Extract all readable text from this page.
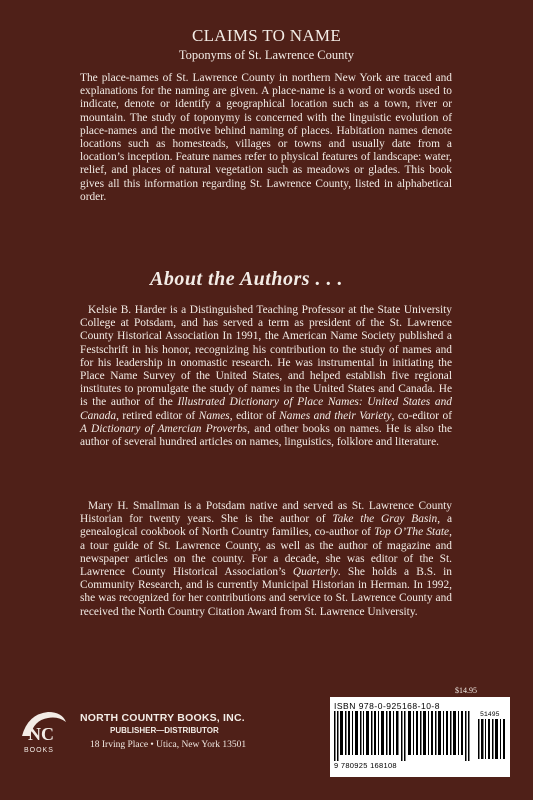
CLAIMS TO NAME
Toponyms of St. Lawrence County

The place-names of St. Lawrence County in northern New York are traced and explanations for the naming are given. A place-name is a word or words used to indicate, denote or identify a geographical location such as a town, river or mountain. The study of toponymy is concerned with the linguistic evolution of place-names and the motive behind naming of places. Habitation names denote locations such as homesteads, villages or towns and usually date from a location’s inception. Feature names refer to physical features of landscape: water, relief, and places of natural vegetation such as meadows or glades. This book gives all this information regarding St. Lawrence County, listed in alphabetical order.

About the Authors . . .

Kelsie B. Harder is a Distinguished Teaching Professor at the State University College at Potsdam, and has served a term as president of the St. Lawrence County Historical Association In 1991, the American Name Society published a Festschrift in his honor, recognizing his contribution to the study of names and for his leadership in onomastic research. He was instrumental in initiating the Place Name Survey of the United States, and helped establish five regional institutes to promulgate the study of names in the United States and Canada. He is the author of the Illustrated Dictionary of Place Names: United States and Canada, retired editor of Names, editor of Names and their Variety, co-editor of A Dictionary of Amercian Proverbs, and other books on names. He is also the author of several hundred articles on names, linguistics, folklore and literature.

Mary H. Smallman is a Potsdam native and served as St. Lawrence County Historian for twenty years. She is the author of Take the Gray Basin, a genealogical cookbook of North Country families, co-author of Top O’The State, a tour guide of St. Lawrence County, as well as the author of magazine and newspaper articles on the county. For a decade, she was editor of the St. Lawrence County Historical Association’s Quarterly. She holds a B.S. in Community Research, and is currently Municipal Historian in Herman. In 1992, she was recognized for her contributions and service to St. Lawrence County and received the North Country Citation Award from St. Lawrence University.

$14.95
NC
BOOKS
NORTH COUNTRY BOOKS, INC.
PUBLISHER—DISTRIBUTOR
18 Irving Place • Utica, New York 13501
ISBN 978-0-925168-10-8
51495
9 780925 168108
